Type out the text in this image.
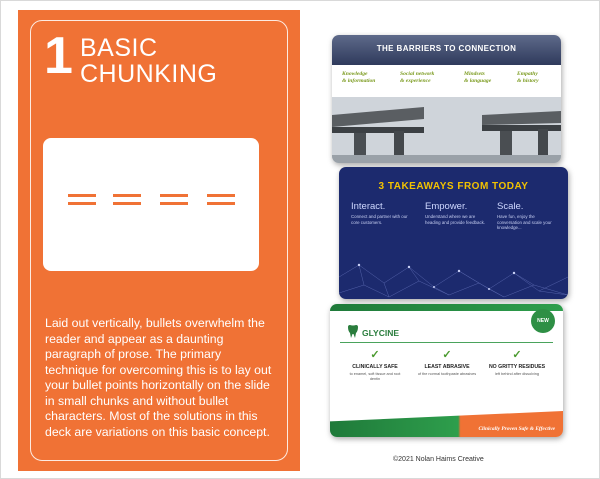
1 BASIC
CHUNKING
Laid out vertically, bullets overwhelm the reader and appear as a daunting paragraph of prose. The primary technique for overcoming this is to lay out your bullet points horizontally on the slide in small chunks and without bullet characters. Most of the solutions in this deck are variations on this basic concept.
THE BARRIERS TO CONNECTION
Knowledge
& information
Social network
& experience
Mindsets
& language
Empathy
& history
3 TAKEAWAYS FROM TODAY
Interact.
Connect and partner with our core customers.
Empower.
Understand where we are heading and provide feedback.
Scale.
Have fun, enjoy the conversation and scale your knowledge...
NEW
GLYCINE
✓
CLINICALLY SAFE
to enamel, soft tissue and root dentin
✓
LEAST ABRASIVE
of the normal toothpaste abrasives
✓
NO GRITTY RESIDUES
left behind after dissolving
Clinically Proven Safe & Effective
©2021 Nolan Haims Creative
